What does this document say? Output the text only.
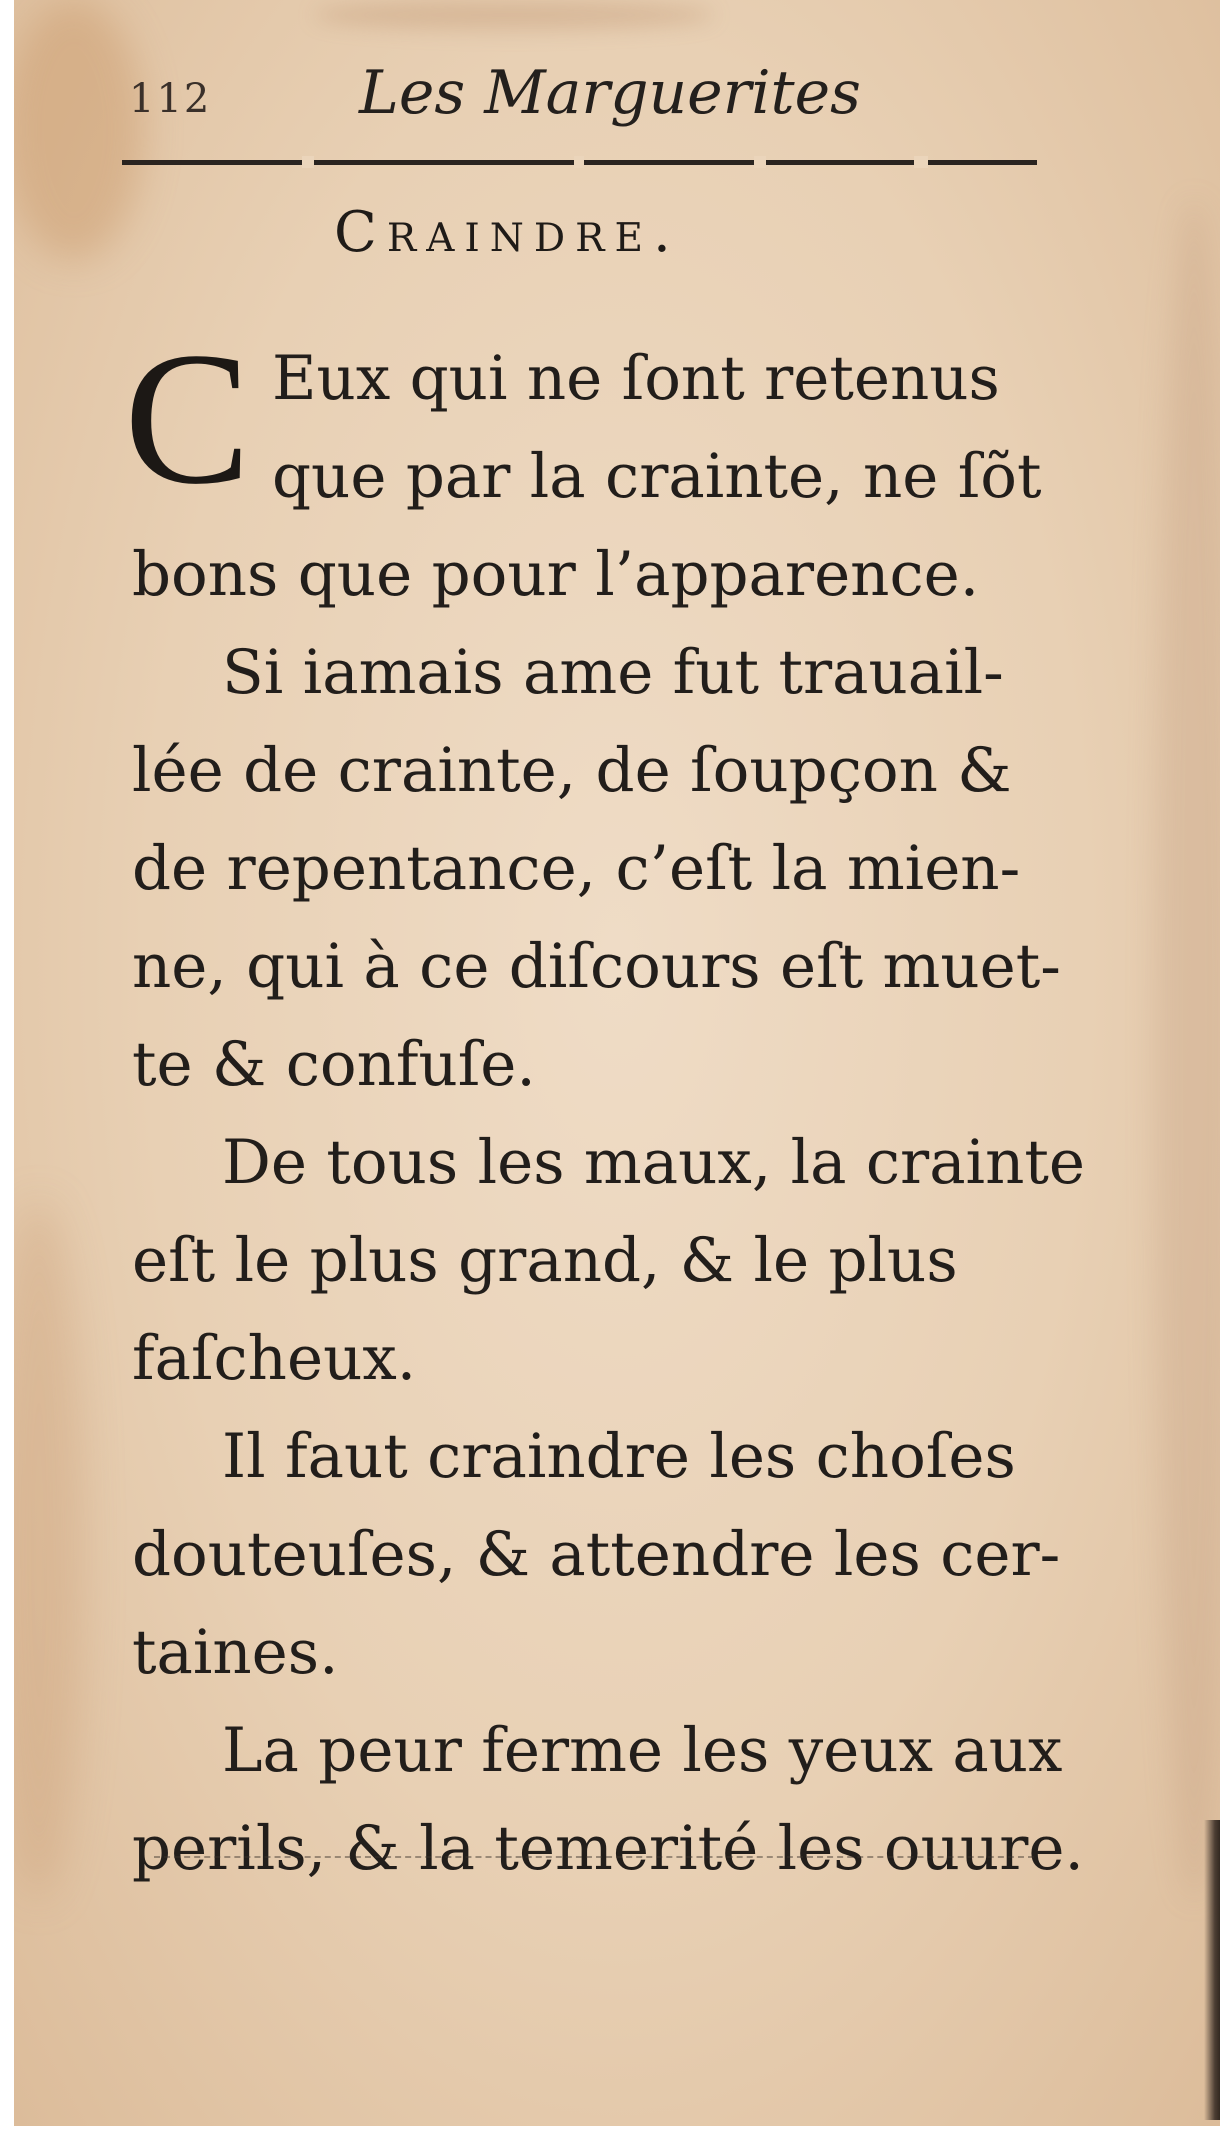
112 Les Marguerites
Craindre.
C Eux qui ne ſont retenus
que par la crainte, ne ſõt
bons que pour l’apparence.
Si iamais ame fut trauail-
lée de crainte, de ſoupçon &
de repentance, c’eſt la mien-
ne, qui à ce diſcours eſt muet-
te & confuſe.
De tous les maux, la crainte
eſt le plus grand, & le plus
faſcheux.
Il faut craindre les choſes
douteuſes, & attendre les cer-
taines.
La peur ferme les yeux aux
perils, & la temerité les ouure.
